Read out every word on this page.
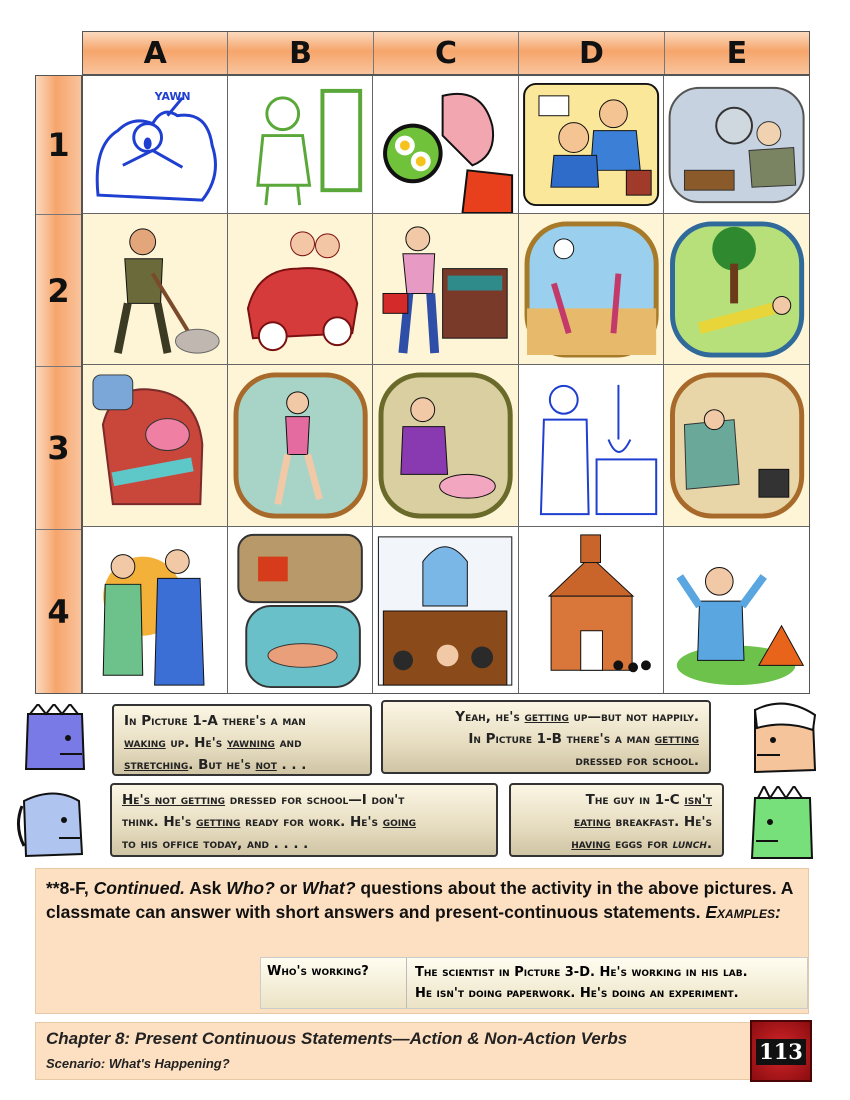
A	B	C	D	E
1
2
3
4
YAWN
In Picture 1-A there's a man
waking up. He's yawning and
stretching. But he's not . . .
Yeah, he's getting up—but not happily.
In Picture 1-B there's a man getting
dressed for school.
He's not getting dressed for school—I don't
think. He's getting ready for work. He's going
to his office today, and . . . .
The guy in 1-C isn't
eating breakfast. He's
having eggs for lunch.
**8-F, Continued. Ask Who? or What? questions about the activity in the above pictures. A classmate can answer with short answers and present-continuous statements. Examples:
Who's working?	The scientist in Picture 3-D. He's working in his lab.
He isn't doing paperwork. He's doing an experiment.
Chapter 8: Present Continuous Statements—Action & Non-Action Verbs
Scenario: What's Happening?	113
